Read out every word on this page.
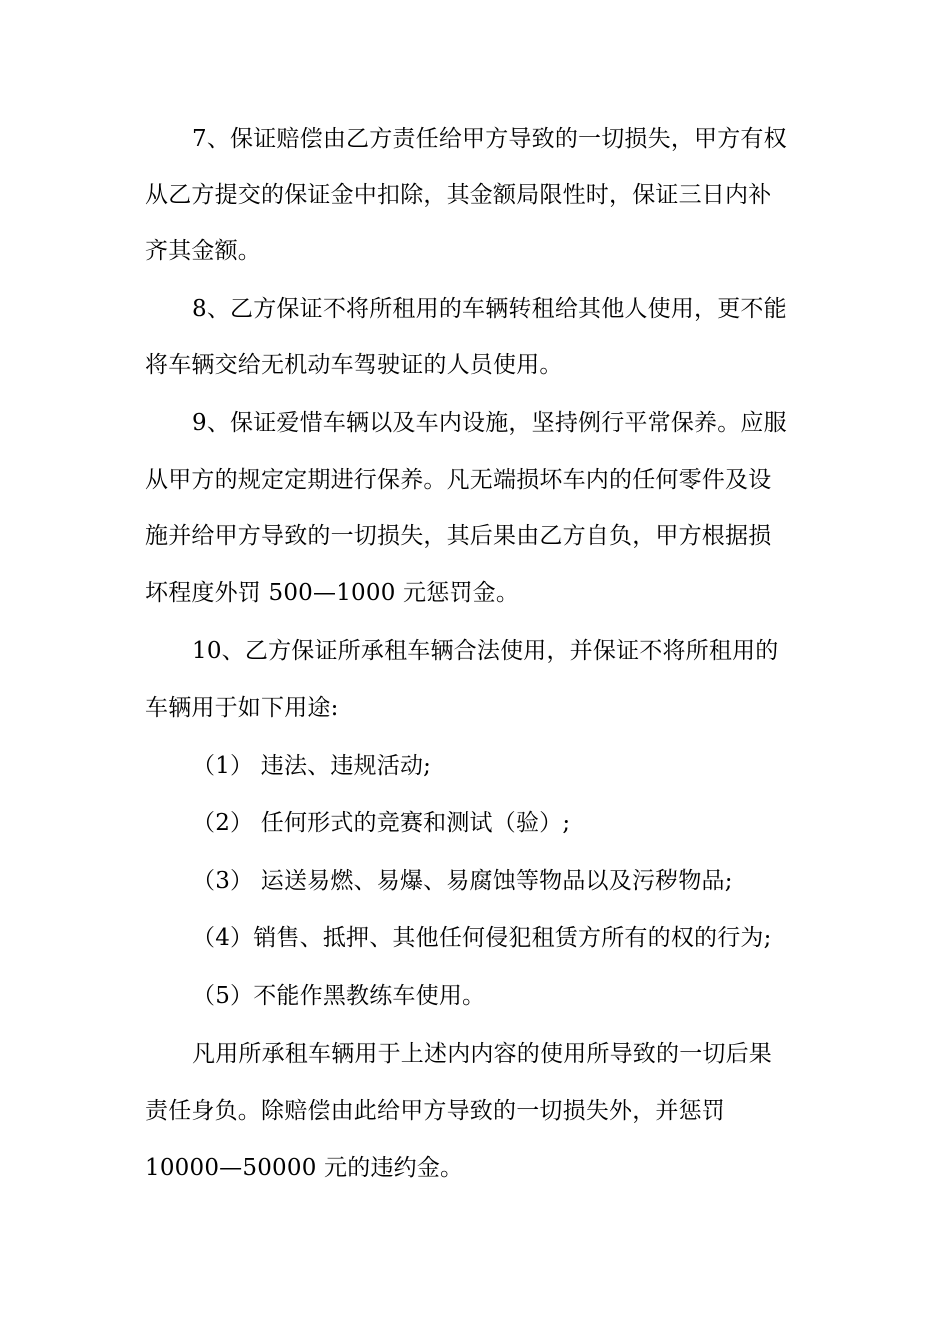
7、保证赔偿由乙方责任给甲方导致的一切损失，甲方有权
从乙方提交的保证金中扣除，其金额局限性时，保证三日内补
齐其金额。
8、乙方保证不将所租用的车辆转租给其他人使用，更不能
将车辆交给无机动车驾驶证的人员使用。
9、保证爱惜车辆以及车内设施，坚持例行平常保养。应服
从甲方的规定定期进行保养。凡无端损坏车内的任何零件及设
施并给甲方导致的一切损失，其后果由乙方自负，甲方根据损
坏程度外罚 500—1000 元惩罚金。
10、乙方保证所承租车辆合法使用，并保证不将所租用的
车辆用于如下用途:
（1） 违法、违规活动;
（2） 任何形式的竞赛和测试（验）;
（3） 运送易燃、易爆、易腐蚀等物品以及污秽物品;
（4）销售、抵押、其他任何侵犯租赁方所有的权的行为;
（5）不能作黑教练车使用。
凡用所承租车辆用于上述内内容的使用所导致的一切后果
责任身负。除赔偿由此给甲方导致的一切损失外，并惩罚
10000—50000 元的违约金。
